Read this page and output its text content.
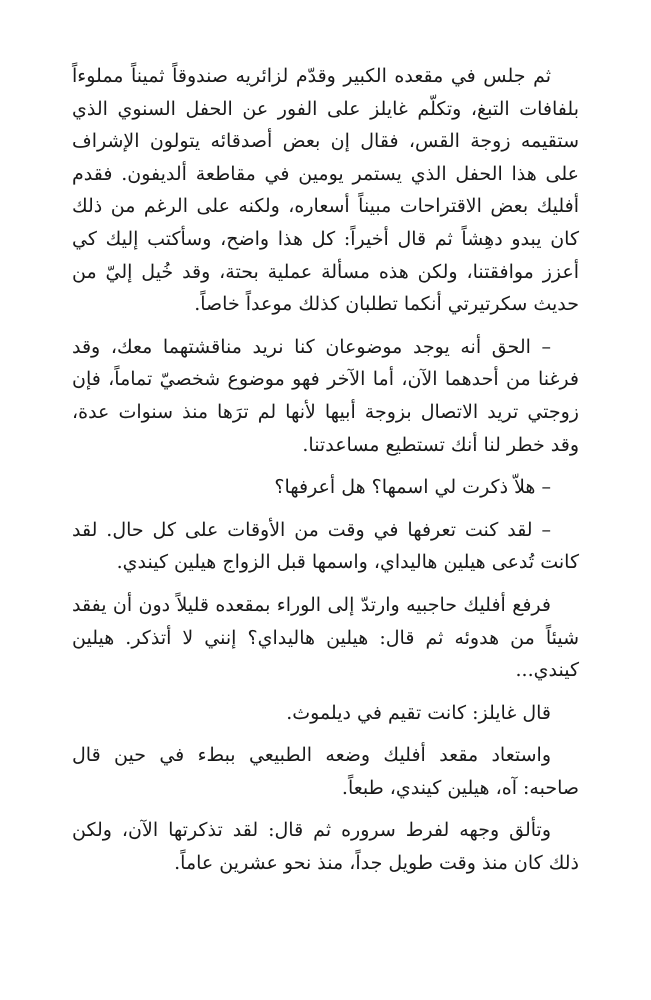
ثم جلس في مقعده الكبير وقدّم لزائريه صندوقاً ثميناً مملوءاً بلفافات التبغ، وتكلّم غايلز على الفور عن الحفل السنوي الذي ستقيمه زوجة القس، فقال إن بعض أصدقائه يتولون الإشراف على هذا الحفل الذي يستمر يومين في مقاطعة ألديفون. فقدم أفليك بعض الاقتراحات مبيناً أسعاره، ولكنه على الرغم من ذلك كان يبدو دهِشاً ثم قال أخيراً: كل هذا واضح، وسأكتب إليك كي أعزز موافقتنا، ولكن هذه مسألة عملية بحتة، وقد خُيل إليّ من حديث سكرتيرتي أنكما تطلبان كذلك موعداً خاصاً.

– الحق أنه يوجد موضوعان كنا نريد مناقشتهما معك، وقد فرغنا من أحدهما الآن، أما الآخر فهو موضوع شخصيّ تماماً، فإن زوجتي تريد الاتصال بزوجة أبيها لأنها لم ترَها منذ سنوات عدة، وقد خطر لنا أنك تستطيع مساعدتنا.

– هلاّ ذكرت لي اسمها؟ هل أعرفها؟

– لقد كنت تعرفها في وقت من الأوقات على كل حال. لقد كانت تُدعى هيلين هاليداي، واسمها قبل الزواج هيلين كيندي.

فرفع أفليك حاجبيه وارتدّ إلى الوراء بمقعده قليلاً دون أن يفقد شيئاً من هدوئه ثم قال: هيلين هاليداي؟ إنني لا أتذكر. هيلين كيندي...

قال غايلز: كانت تقيم في ديلموث.

واستعاد مقعد أفليك وضعه الطبيعي ببطء في حين قال صاحبه: آه، هيلين كيندي، طبعاً.

وتألق وجهه لفرط سروره ثم قال: لقد تذكرتها الآن، ولكن ذلك كان منذ وقت طويل جداً، منذ نحو عشرين عاماً.
